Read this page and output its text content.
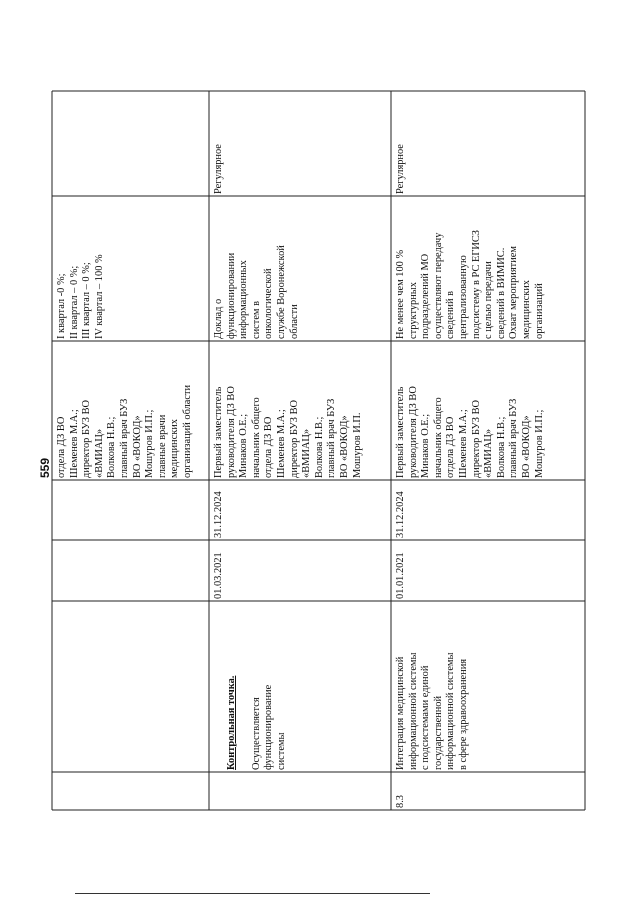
559 отдела ДЗ ВО
Шеменев М.А.;
директор БУЗ ВО
«ВМИАЦ»
Волкова Н.В.;
главный врач БУЗ
ВО «ВОКОД»
Мошуров И.П.;
главные врачи
медицинских
организаций области
I квартал -0 %;
II квартал – 0 %;
III квартал – 0 %;
IV квартал – 100 %

Контрольная точка. Осуществляется
функционирование
системы

01.03.2021
31.12.2024
Первый заместитель
руководителя ДЗ ВО
Минаков О.Е.;
начальник общего
отдела ДЗ ВО
Шеменев М.А.;
директор БУЗ ВО
«ВМИАЦ»
Волкова Н.В.;
главный врач БУЗ
ВО «ВОКОД»
Мошуров И.П.
Доклад о
функционировании
информационных
систем в
онкологической
службе Воронежской
области
Регулярное
8.3
Интеграция медицинской
информационной системы
с подсистемами единой
государственной
информационной системы
в сфере здравоохранения
01.01.2021
31.12.2024
Первый заместитель
руководителя ДЗ ВО
Минаков О.Е.;
начальник общего
отдела ДЗ ВО
Шеменев М.А.;
директор БУЗ ВО
«ВМИАЦ»
Волкова Н.В.;
главный врач БУЗ
ВО «ВОКОД»
Мошуров И.П.;
Не менее чем 100 %
структурных
подразделений МО
осуществляют передачу
сведений в
централизованную
подсистему в РС ЕГИСЗ
с целью передачи
сведений в ВИМИС.
Охват мероприятием
медицинских
организаций
Регулярное
